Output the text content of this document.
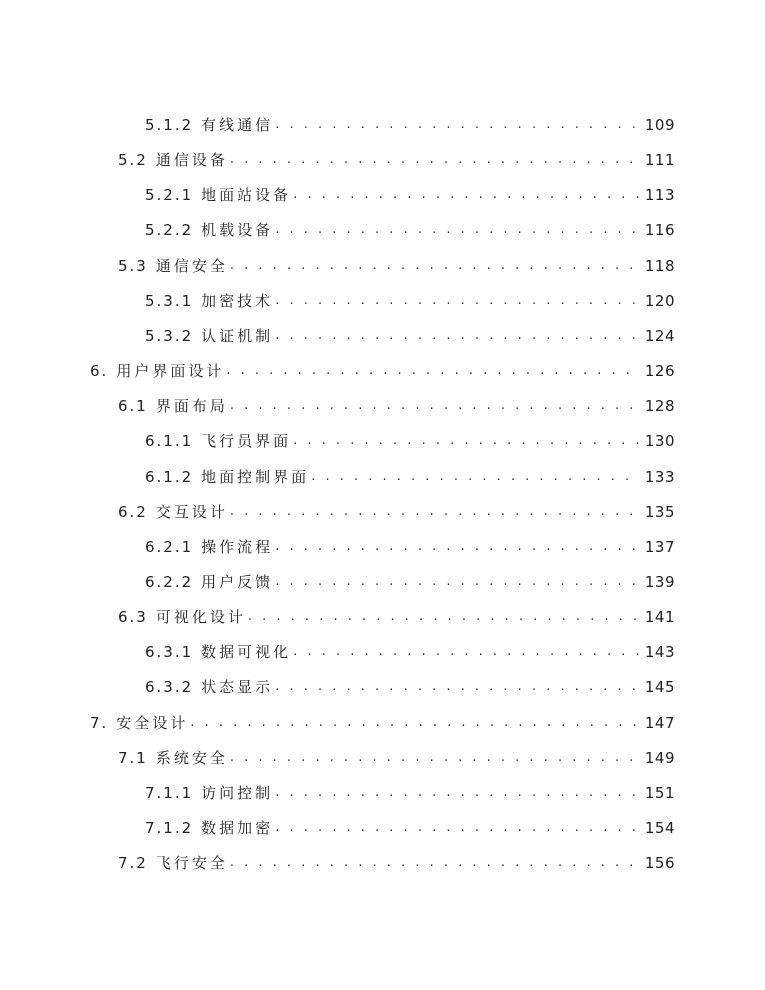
5.1.2 有线通信 . . .	109
5.2 通信设备 . . .	111
5.2.1 地面站设备 . . .	113
5.2.2 机载设备 . . .	116
5.3 通信安全 . . .	118
5.3.1 加密技术 . . .	120
5.3.2 认证机制 . . .	124
6. 用户界面设计 . . .	126
6.1 界面布局 . . .	128
6.1.1 飞行员界面 . . .	130
6.1.2 地面控制界面 . . .	133
6.2 交互设计 . . .	135
6.2.1 操作流程 . . .	137
6.2.2 用户反馈 . . .	139
6.3 可视化设计 . . .	141
6.3.1 数据可视化 . . .	143
6.3.2 状态显示 . . .	145
7. 安全设计 . . .	147
7.1 系统安全 . . .	149
7.1.1 访问控制 . . .	151
7.1.2 数据加密 . . .	154
7.2 飞行安全 . . .	156
